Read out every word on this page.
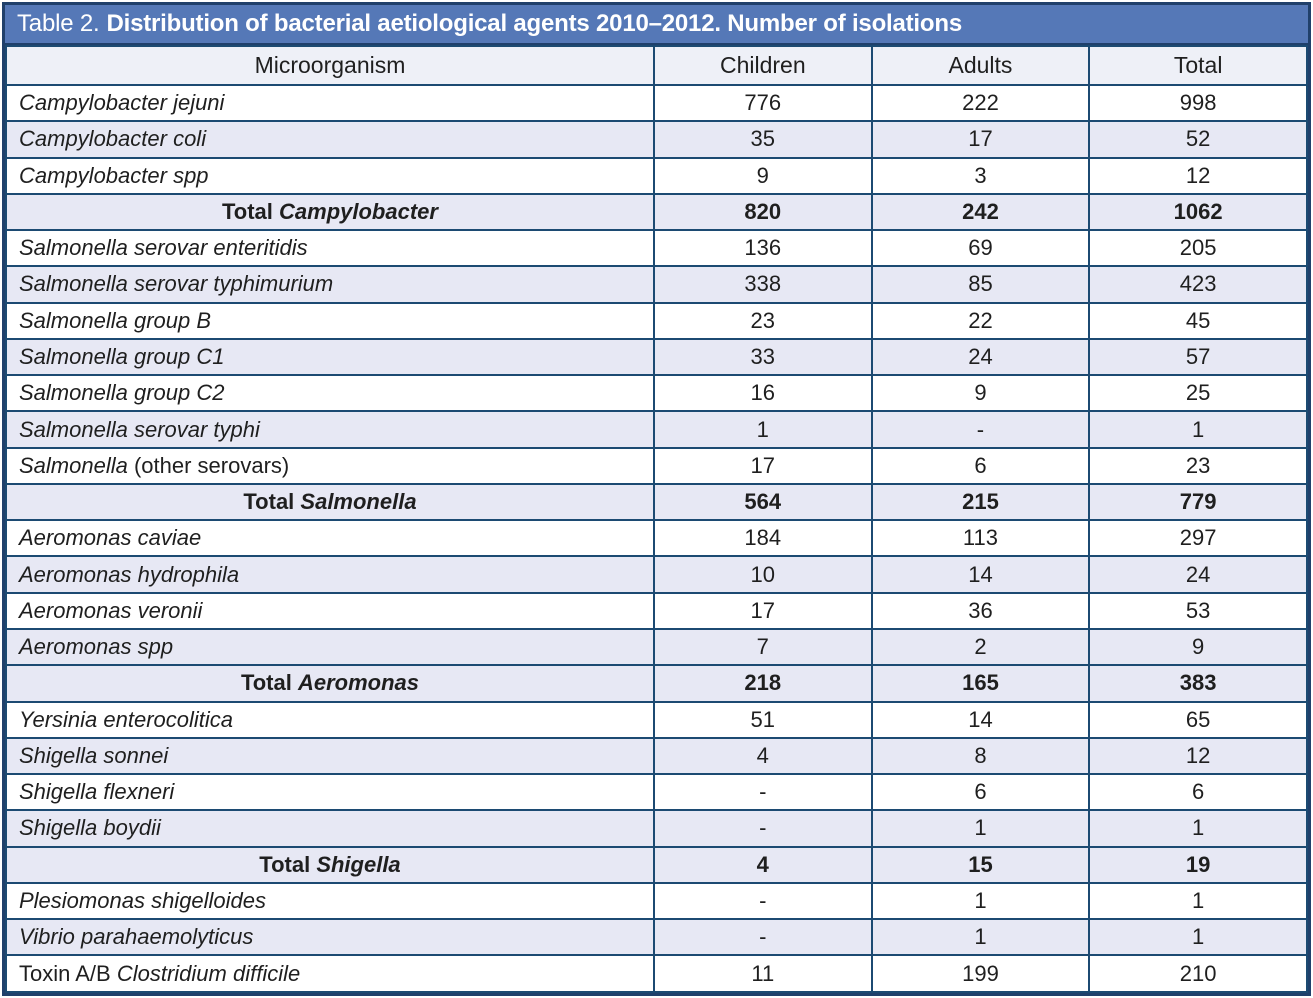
Table 2. Distribution of bacterial aetiological agents 2010–2012. Number of isolations
Microorganism	Children	Adults	Total
Campylobacter jejuni	776	222	998
Campylobacter coli	35	17	52
Campylobacter spp	9	3	12
Total Campylobacter	820	242	1062
Salmonella serovar enteritidis	136	69	205
Salmonella serovar typhimurium	338	85	423
Salmonella group B	23	22	45
Salmonella group C1	33	24	57
Salmonella group C2	16	9	25
Salmonella serovar typhi	1	-	1
Salmonella (other serovars)	17	6	23
Total Salmonella	564	215	779
Aeromonas caviae	184	113	297
Aeromonas hydrophila	10	14	24
Aeromonas veronii	17	36	53
Aeromonas spp	7	2	9
Total Aeromonas	218	165	383
Yersinia enterocolitica	51	14	65
Shigella sonnei	4	8	12
Shigella flexneri	-	6	6
Shigella boydii	-	1	1
Total Shigella	4	15	19
Plesiomonas shigelloides	-	1	1
Vibrio parahaemolyticus	-	1	1
Toxin A/B Clostridium difficile	11	199	210
